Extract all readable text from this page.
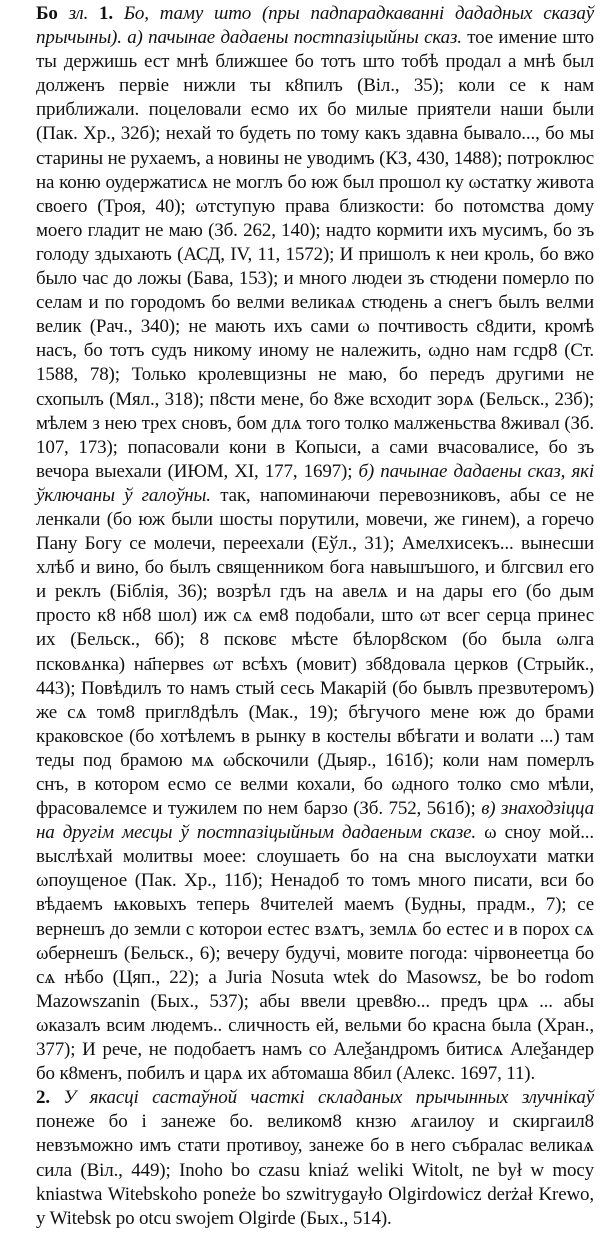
Бо зл. 1. Бо, таму што (пры падпарадкаванні дададных сказаў прычыны). а) пачынае дадаены постпазіцыйны сказ. тое имение што ты держишь ест мнѣ ближшее бо тотъ што тобѣ продал а мнѣ был долженъ первіе нижли ты к8пилъ (Віл., 35); коли се к нам приближали. поцеловали есмо их бо милые приятели наши были (Пак. Хр., 32б); нехай то будеть по тому какъ здавна бывало..., бо мы старины не рухаемъ, а новины не уводимъ (КЗ, 430, 1488); потроклюс на коню оудержатисѧ не моглъ бо юж был прошол ку ωстатку живота своего (Троя, 40); ωтступую права близкости: бо потомства дому моего гладит не маю (Зб. 262, 140); надто кормити ихъ мусимъ, бо зъ голоду здыхають (АСД, IV, 11, 1572); И пришолъ к неи кроль, бо вжо было час до ложы (Бава, 153); и много людеи зъ стюдени померло по селам и по городомъ бо велми великаѧ стюдень а снегъ былъ велми велик (Рач., 340); не мають ихъ сами ω почтивость с8дити, кромѣ насъ, бо тотъ судъ никому иному не належить, ωдно нам гсдр8 (Ст. 1588, 78); Только кролевщизны не маю, бо передъ другими не схопылъ (Мял., 318); п8сти мене, бо 8же всходит зорѧ (Бельск., 23б); мѣлем з нею трех сновъ, бом длѧ того толко малженьства 8живал (Зб. 107, 173); попасовали кони в Копыси, а сами вчасовалисе, бо зъ вечора выехали (ИЮМ, XI, 177, 1697); б) пачынае дадаены сказ, які ўключаны ў галоўны. так, напоминаючи перевозниковъ, абы се не ленкали (бо юж были шосты порутили, мовечи, же гинем), а горечо Пану Богу се молечи, переехали (Еўл., 31); Амелхисекъ... вынесши хлѣб и вино, бо былъ священником бога навышъшого, и блгсвил его и реклъ (Біблія, 36); возрѣл гдъ на авелѧ и на дары его (бо дым просто к8 нб8 шол) иж сѧ ем8 подобали, што ωт всег серца принес их (Бельск., 6б); 8 псковє мѣсте бѣлор8ском (бо была ωлга псковѧнка) на҃первеѕ ωт всѣхъ (мовит) зб8довала церков (Стрыйк., 443); Повѣдилъ то намъ стый сесь Макарій (бо бывлъ презвυтеромъ) же сѧ том8 пригл8дѣлъ (Мак., 19); бѣгучого мене юж до брами краковское (бо хотѣлемъ в рынку в костелы вбѣгати и волати ...) там теды под брамою мѧ ωбскочили (Дыяр., 161б); коли нам померлъ снъ, в котором есмо се велми кохали, бо ωдного толко смо мѣли, фрасовалемсе и тужилем по нем барзо (Зб. 752, 561б); в) знаходзіцца на другім месцы ў постпазіцыйным дадаеным сказе. ω сноу мой... выслѣхай молитвы моее: слоушаеть бо на сна выслоухати матки ωпоущеное (Пак. Хр., 11б); Ненадоб то томъ много писати, вси бо вѣдаемъ ѩковыхъ теперь 8чителей маемъ (Будны, прадм., 7); се вернешъ до земли с которои естес взѧтъ, землѧ бо естес и в порох сѧ ωбернешъ (Бельск., 6); вечеру будучі, мовите погода: чірвонеетца бо сѧ нѣбо (Цяп., 22); a Juria Nosuta wtek do Masowsz, be bo rodom Mazowszanin (Бых., 537); абы ввели црев8ю... предъ црѧ ... абы ωказалъ всим людемъ.. сличность ей, вельми бо красна была (Хран., 377); И рече, не подобаетъ намъ со Алеѯандромъ битисѧ Алеѯандер бо к8менъ, побилъ и царѧ их абтомаша 8бил (Алекс. 1697, 11).

2. У якасці састаўной часткі складаных прычынных злучнікаў понеже бо і занеже бо. великом8 кнзю ѧгаилоу и скиргаил8 невзъможно имъ стати противоу, занеже бо в него събралас великаѧ сила (Віл., 449); Inoho bo czasu kniaź weliki Witolt, ne był w mocy kniastwa Witebskoho poneże bo szwitrygayło Olgirdowicz derżał Krewo, y Witebsk po otcu swojem Olgirde (Бых., 514).
